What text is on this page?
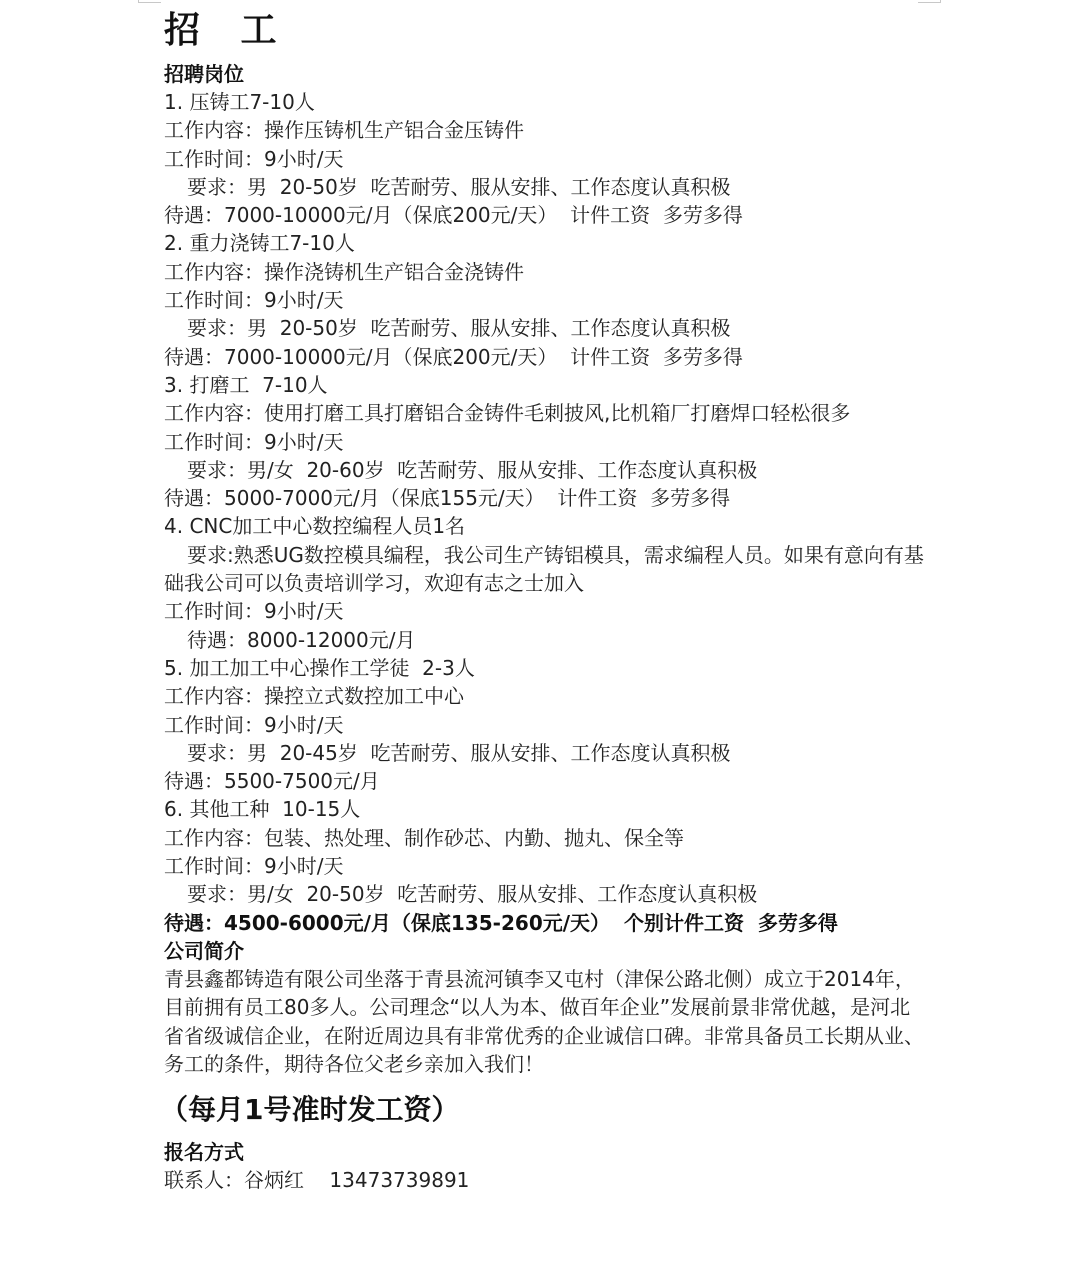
招 工
招聘岗位
1. 压铸工7-10人
工作内容：操作压铸机生产铝合金压铸件
工作时间：9小时/天
要求：男  20-50岁  吃苦耐劳、服从安排、工作态度认真积极
待遇：7000-10000元/月（保底200元/天）  计件工资  多劳多得
2. 重力浇铸工7-10人
工作内容：操作浇铸机生产铝合金浇铸件
工作时间：9小时/天
要求：男  20-50岁  吃苦耐劳、服从安排、工作态度认真积极
待遇：7000-10000元/月（保底200元/天）  计件工资  多劳多得
3. 打磨工  7-10人
工作内容：使用打磨工具打磨铝合金铸件毛刺披风,比机箱厂打磨焊口轻松很多
工作时间：9小时/天
要求：男/女  20-60岁  吃苦耐劳、服从安排、工作态度认真积极
待遇：5000-7000元/月（保底155元/天）  计件工资  多劳多得
4. CNC加工中心数控编程人员1名
要求:熟悉UG数控模具编程，我公司生产铸铝模具，需求编程人员。如果有意向有基础我公司可以负责培训学习，欢迎有志之士加入
工作时间：9小时/天
待遇：8000-12000元/月
5. 加工加工中心操作工学徒  2-3人
工作内容：操控立式数控加工中心
工作时间：9小时/天
要求：男  20-45岁  吃苦耐劳、服从安排、工作态度认真积极
待遇：5500-7500元/月
6. 其他工种  10-15人
工作内容：包装、热处理、制作砂芯、内勤、抛丸、保全等
工作时间：9小时/天
要求：男/女  20-50岁  吃苦耐劳、服从安排、工作态度认真积极
待遇：4500-6000元/月（保底135-260元/天）  个别计件工资  多劳多得
公司简介
青县鑫都铸造有限公司坐落于青县流河镇李又屯村（津保公路北侧）成立于2014年，目前拥有员工80多人。公司理念“以人为本、做百年企业”发展前景非常优越，是河北省省级诚信企业，在附近周边具有非常优秀的企业诚信口碑。非常具备员工长期从业、务工的条件，期待各位父老乡亲加入我们！
（每月1号准时发工资）
报名方式
联系人：谷炳红    13473739891
